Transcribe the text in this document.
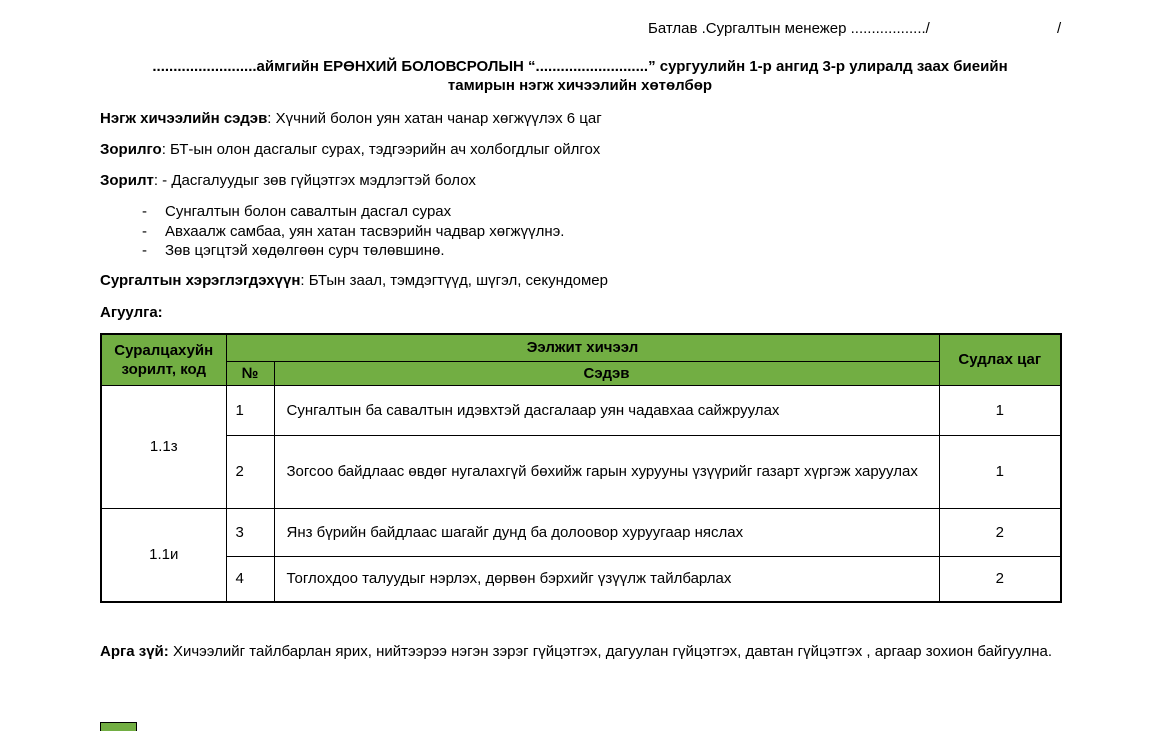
Батлав .Сургалтын менежер ................../	/
.........................аймгийн ЕРӨНХИЙ БОЛОВСРОЛЫН “...........................” сургуулийн 1-р ангид 3-р улиралд заах биеийн
тамирын нэгж хичээлийн хөтөлбөр
Нэгж хичээлийн сэдэв: Хүчний болон уян хатан чанар хөгжүүлэх 6 цаг
Зорилго: БТ-ын олон дасгалыг сурах, тэдгээрийн ач холбогдлыг ойлгох
Зорилт: - Дасгалуудыг зөв гүйцэтгэх мэдлэгтэй болох
-	Сунгалтын болон савалтын дасгал сурах
-	Авхаалж самбаа, уян хатан тасвэрийн чадвар хөгжүүлнэ.
-	Зөв цэгцтэй хөдөлгөөн сурч төлөвшинө.
Сургалтын хэрэглэгдэхүүн: БТын заал, тэмдэгтүүд, шүгэл, секундомер
Агуулга:
Суралцахуйн зорилт, код	Ээлжит хичээл		Судлах цаг
	№	Сэдэв	
1.1з	1	Сунгалтын ба савалтын идэвхтэй дасгалаар уян чадавхаа сайжруулах	1
	2	Зогсоо байдлаас өвдөг нугалахгүй бөхийж гарын хурууны үзүүрийг газарт хүргэж харуулах	1
1.1и	3	Янз бүрийн байдлаас шагайг дунд ба долоовор хуруугаар няслах	2
	4	Тоглохдоо талуудыг нэрлэх, дөрвөн бэрхийг үзүүлж тайлбарлах	2
Арга зүй: Хичээлийг тайлбарлан ярих, нийтээрээ нэгэн зэрэг гүйцэтгэх, дагуулан гүйцэтгэх, давтан гүйцэтгэх , аргаар зохион байгуулна.
